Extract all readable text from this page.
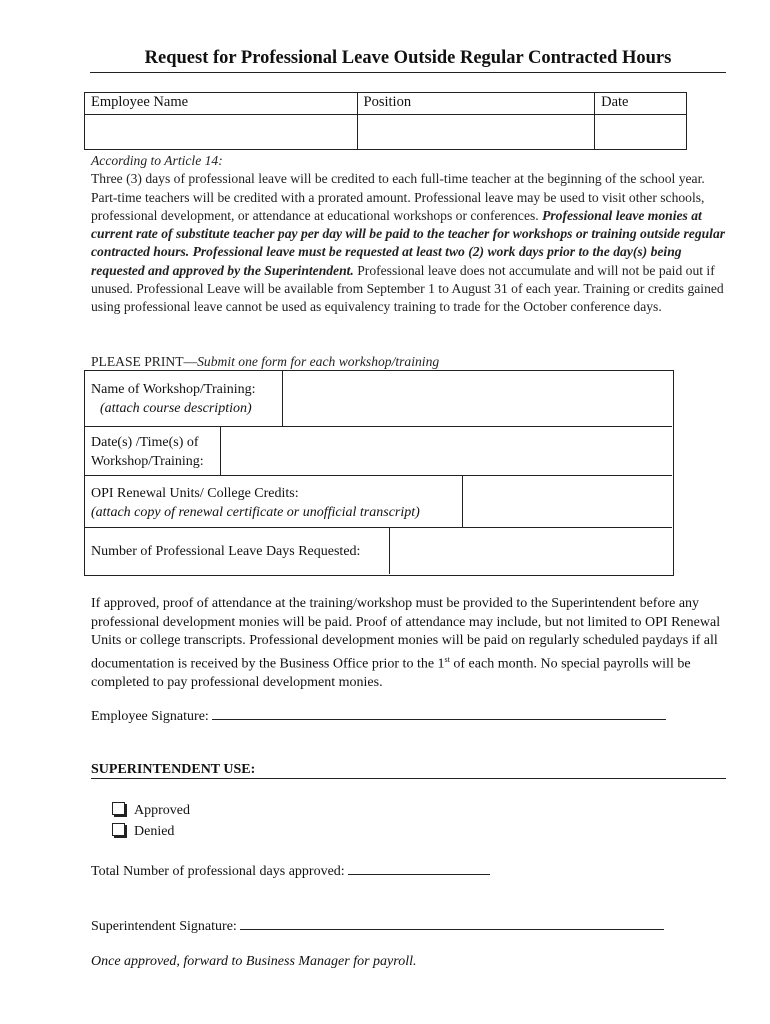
Request for Professional Leave Outside Regular Contracted Hours
Employee Name	Position	Date

According to Article 14:
Three (3) days of professional leave will be credited to each full-time teacher at the beginning of the school year. Part-time teachers will be credited with a prorated amount. Professional leave may be used to visit other schools, professional development, or attendance at educational workshops or conferences. Professional leave monies at current rate of substitute teacher pay per day will be paid to the teacher for workshops or training outside regular contracted hours. Professional leave must be requested at least two (2) work days prior to the day(s) being requested and approved by the Superintendent. Professional leave does not accumulate and will not be paid out if unused. Professional Leave will be available from September 1 to August 31 of each year. Training or credits gained using professional leave cannot be used as equivalency training to trade for the October conference days.
PLEASE PRINT—Submit one form for each workshop/training
Name of Workshop/Training:
(attach course description)
Date(s) /Time(s) of
Workshop/Training:
OPI Renewal Units/ College Credits:
(attach copy of renewal certificate or unofficial transcript)
Number of Professional Leave Days Requested:
If approved, proof of attendance at the training/workshop must be provided to the Superintendent before any professional development monies will be paid. Proof of attendance may include, but not limited to OPI Renewal Units or college transcripts. Professional development monies will be paid on regularly scheduled paydays if all documentation is received by the Business Office prior to the 1st of each month. No special payrolls will be completed to pay professional development monies.
Employee Signature:
SUPERINTENDENT USE:
Approved
Denied
Total Number of professional days approved:
Superintendent Signature:
Once approved, forward to Business Manager for payroll.
